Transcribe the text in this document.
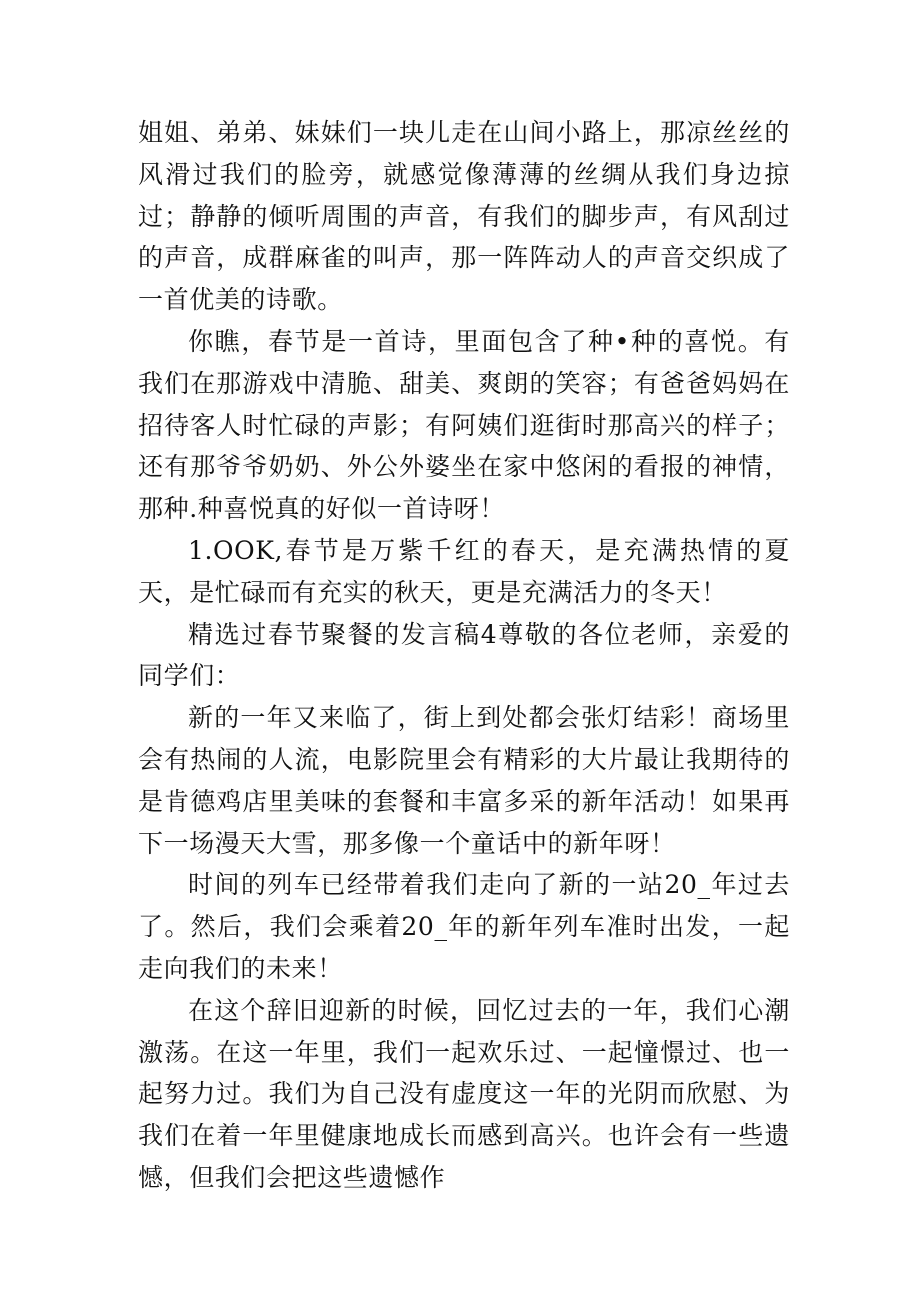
姐姐、弟弟、妹妹们一块儿走在山间小路上，那凉丝丝的风滑过我们的脸旁，就感觉像薄薄的丝绸从我们身边掠过；静静的倾听周围的声音，有我们的脚步声，有风刮过的声音，成群麻雀的叫声，那一阵阵动人的声音交织成了一首优美的诗歌。

你瞧，春节是一首诗，里面包含了种•种的喜悦。有我们在那游戏中清脆、甜美、爽朗的笑容；有爸爸妈妈在招待客人时忙碌的声影；有阿姨们逛街时那高兴的样子；还有那爷爷奶奶、外公外婆坐在家中悠闲的看报的神情，那种.种喜悦真的好似一首诗呀！

1.OOK,春节是万紫千红的春天，是充满热情的夏天，是忙碌而有充实的秋天，更是充满活力的冬天！

精选过春节聚餐的发言稿4尊敬的各位老师，亲爱的同学们：

新的一年又来临了，街上到处都会张灯结彩！商场里会有热闹的人流，电影院里会有精彩的大片最让我期待的是肯德鸡店里美味的套餐和丰富多采的新年活动！如果再下一场漫天大雪，那多像一个童话中的新年呀！

时间的列车已经带着我们走向了新的一站20_年过去了。然后，我们会乘着20_年的新年列车准时出发，一起走向我们的未来！

在这个辞旧迎新的时候，回忆过去的一年，我们心潮激荡。在这一年里，我们一起欢乐过、一起憧憬过、也一起努力过。我们为自己没有虚度这一年的光阴而欣慰、为我们在着一年里健康地成长而感到高兴。也许会有一些遗憾，但我们会把这些遗憾作
